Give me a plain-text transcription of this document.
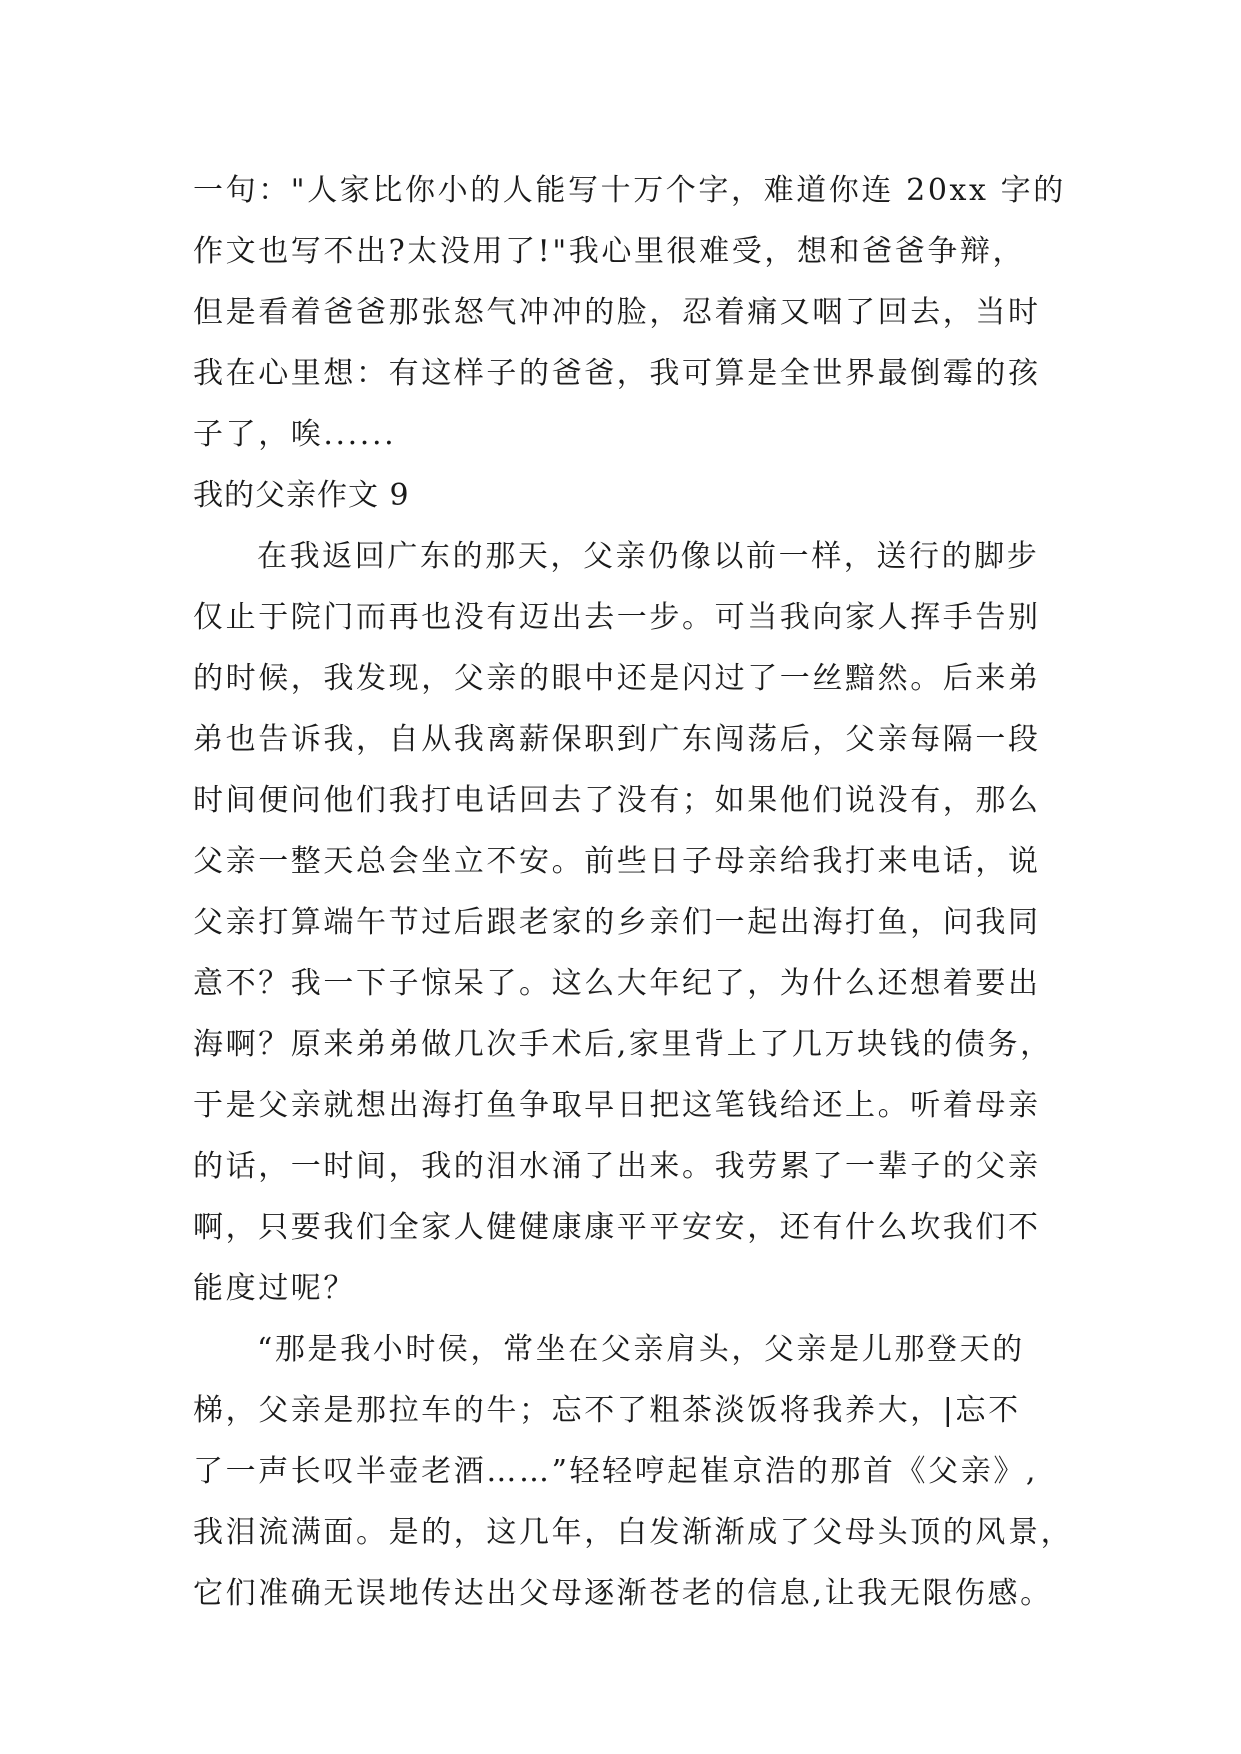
一句："人家比你小的人能写十万个字，难道你连 20xx 字的
作文也写不出?太没用了!"我心里很难受，想和爸爸争辩，
但是看着爸爸那张怒气冲冲的脸，忍着痛又咽了回去，当时
我在心里想：有这样子的爸爸，我可算是全世界最倒霉的孩
子了，唉......
我的父亲作文 9
在我返回广东的那天，父亲仍像以前一样，送行的脚步
仅止于院门而再也没有迈出去一步。可当我向家人挥手告别
的时候，我发现，父亲的眼中还是闪过了一丝黯然。后来弟
弟也告诉我，自从我离薪保职到广东闯荡后，父亲每隔一段
时间便问他们我打电话回去了没有；如果他们说没有，那么
父亲一整天总会坐立不安。前些日子母亲给我打来电话，说
父亲打算端午节过后跟老家的乡亲们一起出海打鱼，问我同
意不？我一下子惊呆了。这么大年纪了，为什么还想着要出
海啊？原来弟弟做几次手术后,家里背上了几万块钱的债务，
于是父亲就想出海打鱼争取早日把这笔钱给还上。听着母亲
的话，一时间，我的泪水涌了出来。我劳累了一辈子的父亲
啊，只要我们全家人健健康康平平安安，还有什么坎我们不
能度过呢？
“那是我小时侯，常坐在父亲肩头，父亲是儿那登天的
梯，父亲是那拉车的牛；忘不了粗茶淡饭将我养大，|忘不
了一声长叹半壶老酒……”轻轻哼起崔京浩的那首《父亲》,
我泪流满面。是的，这几年，白发渐渐成了父母头顶的风景，
它们准确无误地传达出父母逐渐苍老的信息,让我无限伤感。
